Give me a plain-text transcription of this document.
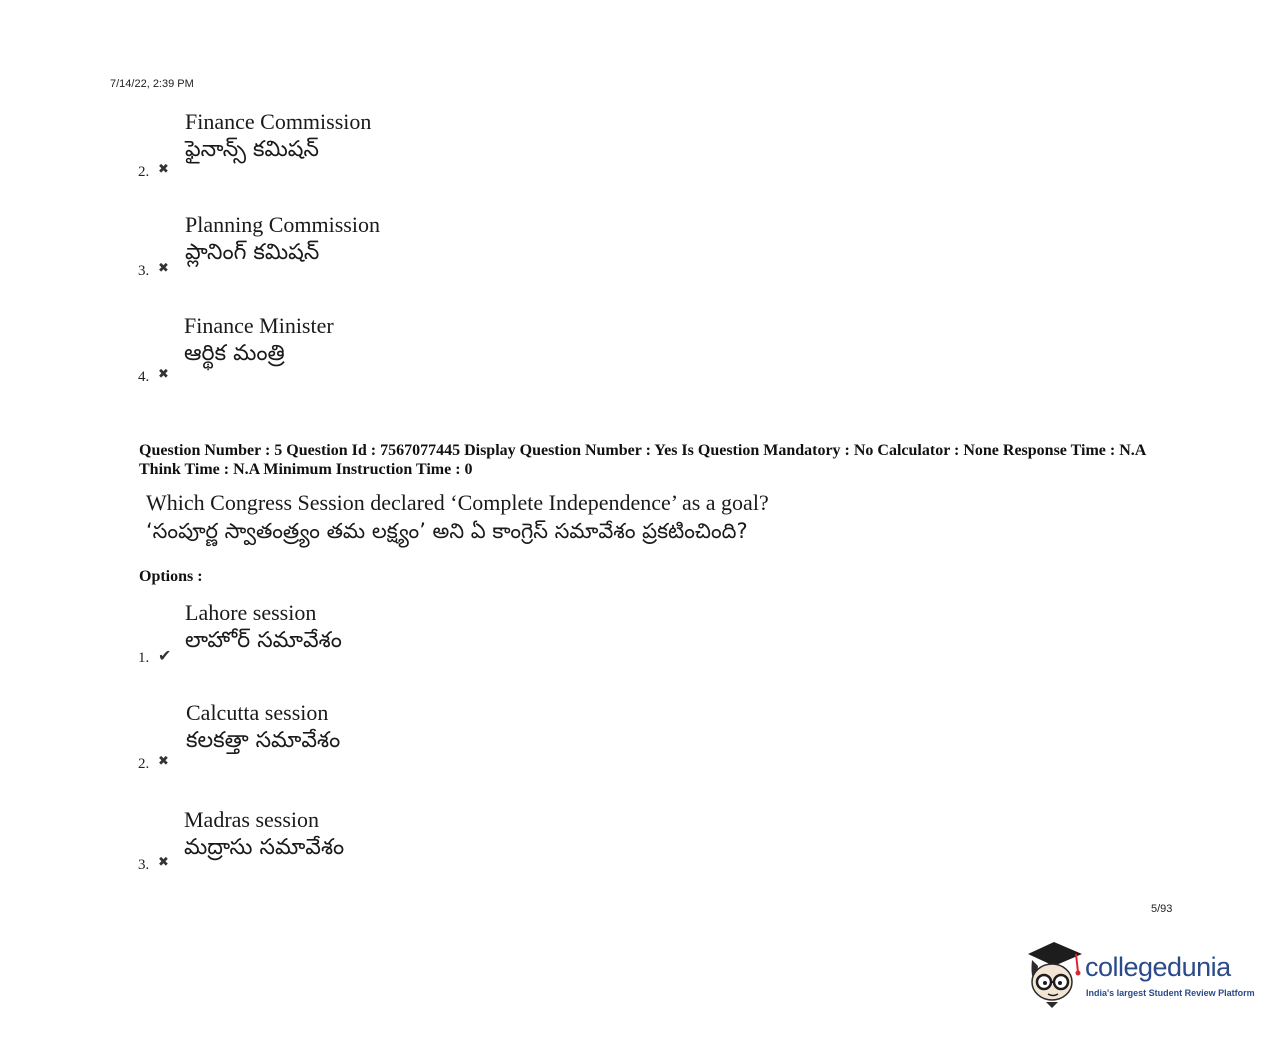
7/14/22, 2:39 PM
Finance Commission
ఫైనాన్స్ కమిషన్
2. ✖
Planning Commission
ప్లానింగ్ కమిషన్
3. ✖
Finance Minister
ఆర్థిక మంత్రి
4. ✖
Question Number : 5 Question Id : 7567077445 Display Question Number : Yes Is Question Mandatory : No Calculator : None Response Time : N.A Think Time : N.A Minimum Instruction Time : 0
Which Congress Session declared ‘Complete Independence’ as a goal?
‘సంపూర్ణ స్వాతంత్ర్యం తమ లక్ష్యం’ అని ఏ కాంగ్రెస్ సమావేశం ప్రకటించింది?
Options :
Lahore session
లాహోర్ సమావేశం
1. ✔
Calcutta session
కలకత్తా సమావేశం
2. ✖
Madras session
మద్రాసు సమావేశం
3. ✖
5/93
collegedunia
India's largest Student Review Platform
